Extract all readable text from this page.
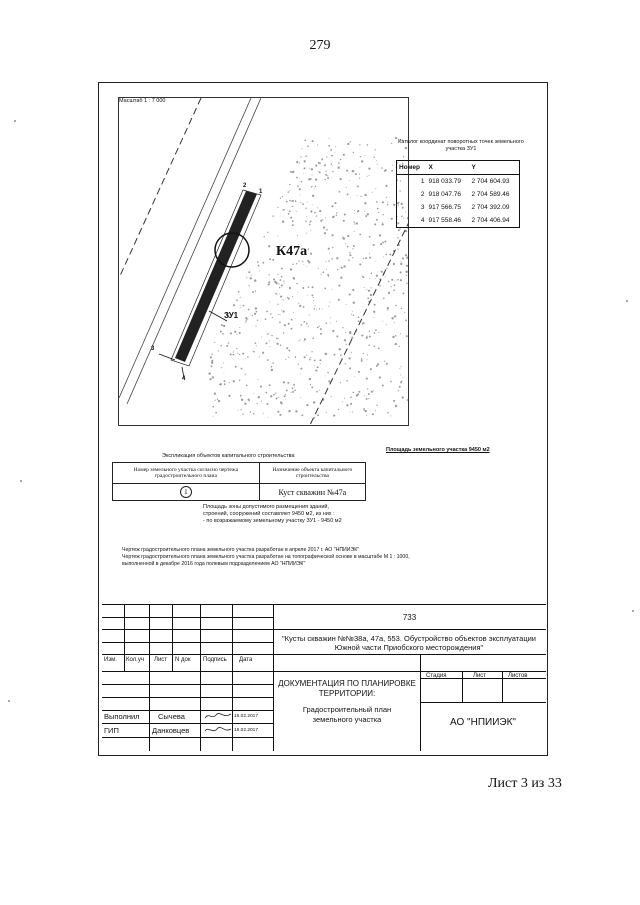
279
Масштаб 1 : 7 000
К47а
ЗУ1
1
2
3
4
Каталог координат поворотных точек земельного участка ЗУ1
Номер	X	Y
1	918 033.79	2 704 604.93
2	918 047.76	2 704 589.46
3	917 566.75	2 704 392.09
4	917 558.46	2 704 406.94
Площадь земельного участка 9450 м2
Экспликация объектов капитального строительства
Номер земельного участка согласно чертежа градостроительного плана	Назначение объекта капитального строительства
1	Куст скважин №47а
Площадь зоны допустимого размещения зданий,
строений, сооружений составляет 9450 м2, из них :
- по возражаемому земельному участку ЗУ1 - 9450 м2
Чертеж градостроительного плана земельного участка разработан в апреле 2017 г. АО "НПИИЭК"
Чертеж градостроительного плана земельного участка разработан на топографической основе в масштабе М 1 : 1000,
выполненной в декабре 2016 года полевым подразделением АО "НПИИЭК"
733
"Кусты скважин №№38а, 47а, 553. Обустройство объектов эксплуатации Южной части Приобского месторождения"
Изм. Кол.уч Лист N док Подпись Дата
ДОКУМЕНТАЦИЯ ПО ПЛАНИРОВКЕ ТЕРРИТОРИИ:
Градостроительный план земельного участка
Стадия	Лист	Листов
АО "НПИИЭК"
Выполнил Сычева	16.02.2017
ГИП	Данковцев	16.02.2017
Лист 3 из 33
